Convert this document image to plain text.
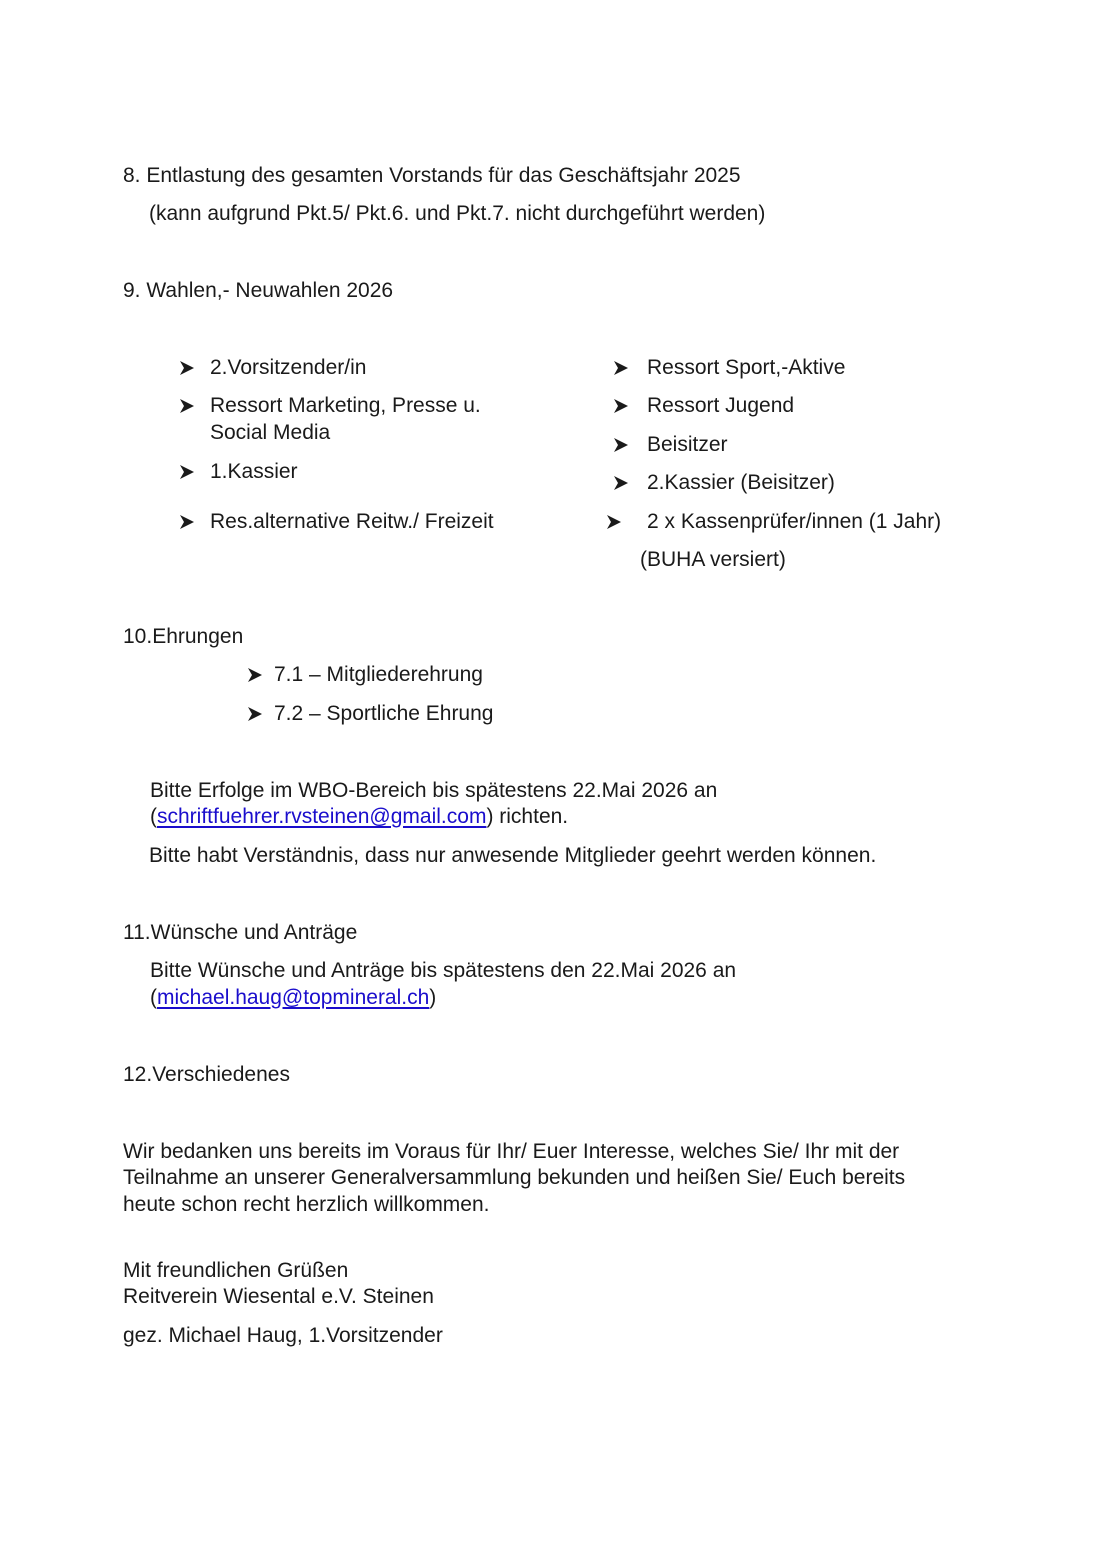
8. Entlastung des gesamten Vorstands für das Geschäftsjahr 2025
(kann aufgrund Pkt.5/ Pkt.6. und Pkt.7. nicht durchgeführt werden)
9. Wahlen,- Neuwahlen 2026
2.Vorsitzender/in
Ressort Marketing, Presse u.
Social Media
1.Kassier
Res.alternative Reitw./ Freizeit
Ressort Sport,-Aktive
Ressort Jugend
Beisitzer
2.Kassier (Beisitzer)
2 x Kassenprüfer/innen (1 Jahr)
(BUHA versiert)
10.Ehrungen
7.1 – Mitgliederehrung
7.2 – Sportliche Ehrung
Bitte Erfolge im WBO-Bereich bis spätestens 22.Mai 2026 an
(schriftfuehrer.rvsteinen@gmail.com) richten.
Bitte habt Verständnis, dass nur anwesende Mitglieder geehrt werden können.
11.Wünsche und Anträge
Bitte Wünsche und Anträge bis spätestens den 22.Mai 2026 an
(michael.haug@topmineral.ch)
12.Verschiedenes
Wir bedanken uns bereits im Voraus für Ihr/ Euer Interesse, welches Sie/ Ihr mit der
Teilnahme an unserer Generalversammlung bekunden und heißen Sie/ Euch bereits
heute schon recht herzlich willkommen.
Mit freundlichen Grüßen
Reitverein Wiesental e.V. Steinen
gez. Michael Haug, 1.Vorsitzender
